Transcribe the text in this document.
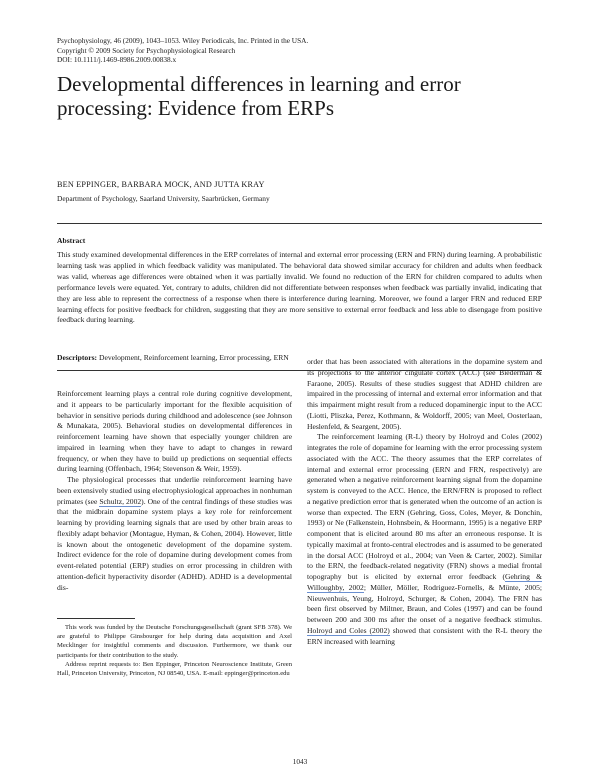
Psychophysiology, 46 (2009), 1043–1053. Wiley Periodicals, Inc. Printed in the USA.
Copyright © 2009 Society for Psychophysiological Research
DOI: 10.1111/j.1469-8986.2009.00838.x
Developmental differences in learning and error processing: Evidence from ERPs
BEN EPPINGER, BARBARA MOCK, AND JUTTA KRAY
Department of Psychology, Saarland University, Saarbrücken, Germany
Abstract

This study examined developmental differences in the ERP correlates of internal and external error processing (ERN and FRN) during learning. A probabilistic learning task was applied in which feedback validity was manipulated. The behavioral data showed similar accuracy for children and adults when feedback was valid, whereas age differences were obtained when it was partially invalid. We found no reduction of the ERN for children compared to adults when performance levels were equated. Yet, contrary to adults, children did not differentiate between responses when feedback was partially invalid, indicating that they are less able to represent the correctness of a response when there is interference during learning. Moreover, we found a larger FRN and reduced ERP learning effects for positive feedback for children, suggesting that they are more sensitive to external error feedback and less able to disengage from positive feedback during learning.

Descriptors: Development, Reinforcement learning, Error processing, ERN

Reinforcement learning plays a central role during cognitive development, and it appears to be particularly important for the flexible acquisition of behavior in sensitive periods during childhood and adolescence (see Johnson & Munakata, 2005). Behavioral studies on developmental differences in reinforcement learning have shown that especially younger children are impaired in learning when they have to adapt to changes in reward frequency, or when they have to build up predictions on sequential effects during learning (Offenbach, 1964; Stevenson & Weir, 1959).

The physiological processes that underlie reinforcement learning have been extensively studied using electrophysiological approaches in nonhuman primates (see Schultz, 2002). One of the central findings of these studies was that the midbrain dopamine system plays a key role for reinforcement learning by providing learning signals that are used by other brain areas to flexibly adapt behavior (Montague, Hyman, & Cohen, 2004). However, little is known about the ontogenetic development of the dopamine system. Indirect evidence for the role of dopamine during development comes from event-related potential (ERP) studies on error processing in children with attention-deficit hyperactivity disorder (ADHD). ADHD is a developmental dis-

order that has been associated with alterations in the dopamine system and its projections to the anterior cingulate cortex (ACC) (see Biederman & Faraone, 2005). Results of these studies suggest that ADHD children are impaired in the processing of internal and external error information and that this impairment might result from a reduced dopaminergic input to the ACC (Liotti, Pliszka, Perez, Kothmann, & Woldorff, 2005; van Meel, Oosterlaan, Heslenfeld, & Seargent, 2005).

The reinforcement learning (R-L) theory by Holroyd and Coles (2002) integrates the role of dopamine for learning with the error processing system associated with the ACC. The theory assumes that the ERP correlates of internal and external error processing (ERN and FRN, respectively) are generated when a negative reinforcement learning signal from the dopamine system is conveyed to the ACC. Hence, the ERN/FRN is proposed to reflect a negative prediction error that is generated when the outcome of an action is worse than expected. The ERN (Gehring, Goss, Coles, Meyer, & Donchin, 1993) or Ne (Falkenstein, Hohnsbein, & Hoormann, 1995) is a negative ERP component that is elicited around 80 ms after an erroneous response. It is typically maximal at fronto-central electrodes and is assumed to be generated in the dorsal ACC (Holroyd et al., 2004; van Veen & Carter, 2002). Similar to the ERN, the feedback-related negativity (FRN) shows a medial frontal topography but is elicited by external error feedback (Gehring & Willoughby, 2002; Müller, Möller, Rodriguez-Fornells, & Münte, 2005; Nieuwenhuis, Yeung, Holroyd, Schurger, & Cohen, 2004). The FRN has been first observed by Miltner, Braun, and Coles (1997) and can be found between 200 and 300 ms after the onset of a negative feedback stimulus. Holroyd and Coles (2002) showed that consistent with the R-L theory the ERN increased with learning

This work was funded by the Deutsche Forschungsgesellschaft (grant SFB 378). We are grateful to Philippe Ginsbourger for help during data acquisition and Axel Mecklinger for insightful comments and discussion. Furthermore, we thank our participants for their contribution to the study.

Address reprint requests to: Ben Eppinger, Princeton Neuroscience Institute, Green Hall, Princeton University, Princeton, NJ 08540, USA. E-mail: eppinger@princeton.edu

1043
